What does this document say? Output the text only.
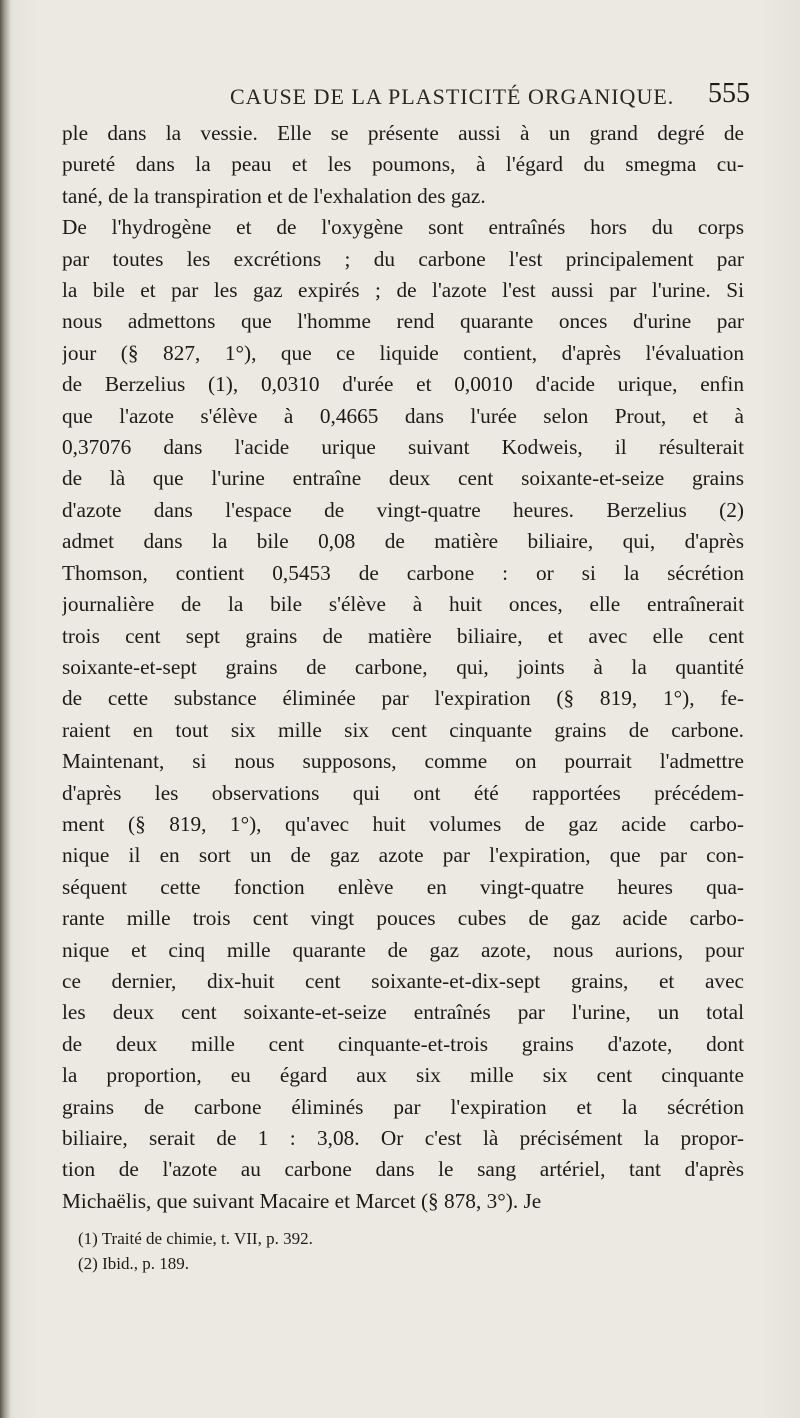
CAUSE DE LA PLASTICITÉ ORGANIQUE. 555
ple dans la vessie. Elle se présente aussi à un grand degré de
pureté dans la peau et les poumons, à l'égard du smegma cu-
tané, de la transpiration et de l'exhalation des gaz.
De l'hydrogène et de l'oxygène sont entraînés hors du corps
par toutes les excrétions ; du carbone l'est principalement par
la bile et par les gaz expirés ; de l'azote l'est aussi par l'urine. Si
nous admettons que l'homme rend quarante onces d'urine par
jour (§ 827, 1°), que ce liquide contient, d'après l'évaluation
de Berzelius (1), 0,0310 d'urée et 0,0010 d'acide urique, enfin
que l'azote s'élève à 0,4665 dans l'urée selon Prout, et à
0,37076 dans l'acide urique suivant Kodweis, il résulterait
de là que l'urine entraîne deux cent soixante-et-seize grains
d'azote dans l'espace de vingt-quatre heures. Berzelius (2)
admet dans la bile 0,08 de matière biliaire, qui, d'après
Thomson, contient 0,5453 de carbone : or si la sécrétion
journalière de la bile s'élève à huit onces, elle entraînerait
trois cent sept grains de matière biliaire, et avec elle cent
soixante-et-sept grains de carbone, qui, joints à la quantité
de cette substance éliminée par l'expiration (§ 819, 1°), fe-
raient en tout six mille six cent cinquante grains de carbone.
Maintenant, si nous supposons, comme on pourrait l'admettre
d'après les observations qui ont été rapportées précédem-
ment (§ 819, 1°), qu'avec huit volumes de gaz acide carbo-
nique il en sort un de gaz azote par l'expiration, que par con-
séquent cette fonction enlève en vingt-quatre heures qua-
rante mille trois cent vingt pouces cubes de gaz acide carbo-
nique et cinq mille quarante de gaz azote, nous aurions, pour
ce dernier, dix-huit cent soixante-et-dix-sept grains, et avec
les deux cent soixante-et-seize entraînés par l'urine, un total
de deux mille cent cinquante-et-trois grains d'azote, dont
la proportion, eu égard aux six mille six cent cinquante
grains de carbone éliminés par l'expiration et la sécrétion
biliaire, serait de 1 : 3,08. Or c'est là précisément la propor-
tion de l'azote au carbone dans le sang artériel, tant d'après
Michaëlis, que suivant Macaire et Marcet (§ 878, 3°). Je
(1) Traité de chimie, t. VII, p. 392.
(2) Ibid., p. 189.
